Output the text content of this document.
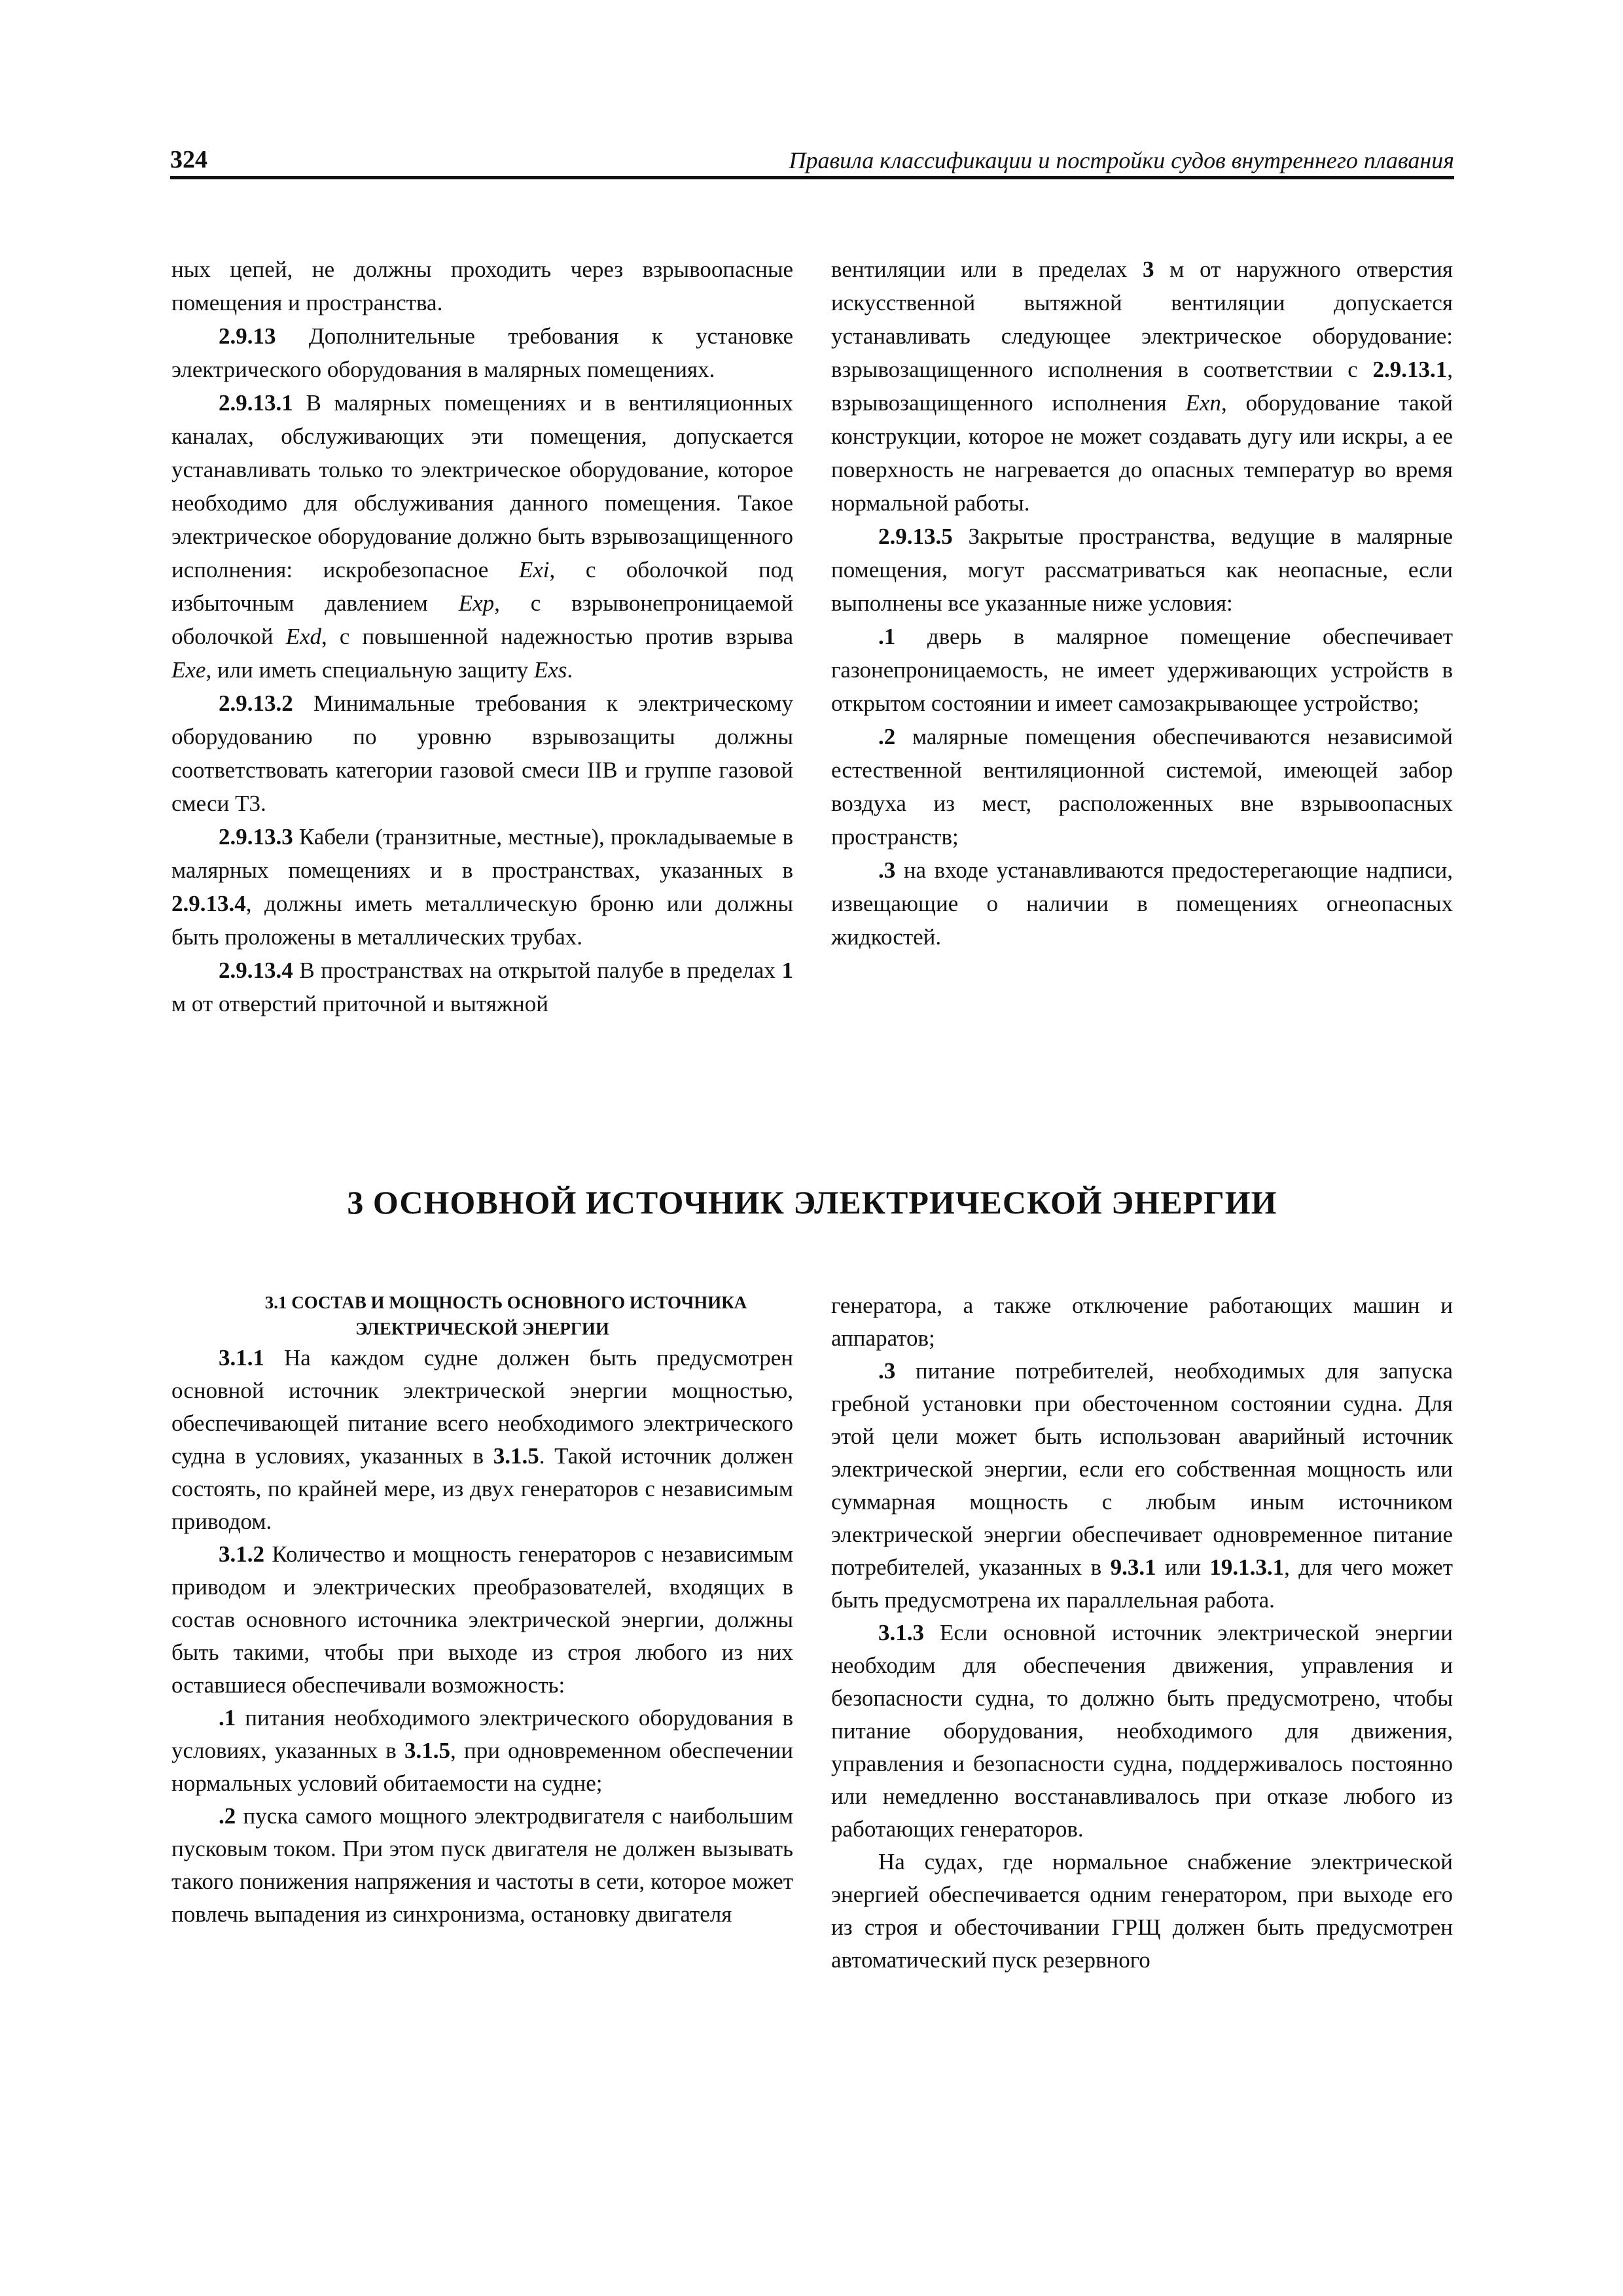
324	Правила классификации и постройки судов внутреннего плавания

ных цепей, не должны проходить через взрывоопасные помещения и пространства.

2.9.13 Дополнительные требования к установке электрического оборудования в малярных помещениях.

2.9.13.1 В малярных помещениях и в вентиляционных каналах, обслуживающих эти помещения, допускается устанавливать только то электрическое оборудование, которое необходимо для обслуживания данного помещения. Такое электрическое оборудование должно быть взрывозащищенного исполнения: искробезопасное Exi, с оболочкой под избыточным давлением Exp, с взрывонепроницаемой оболочкой Exd, с повышенной надежностью против взрыва Exe, или иметь специальную защиту Exs.

2.9.13.2 Минимальные требования к электрическому оборудованию по уровню взрывозащиты должны соответствовать категории газовой смеси IIB и группе газовой смеси T3.

2.9.13.3 Кабели (транзитные, местные), прокладываемые в малярных помещениях и в пространствах, указанных в 2.9.13.4, должны иметь металлическую броню или должны быть проложены в металлических трубах.

2.9.13.4 В пространствах на открытой палубе в пределах 1 м от отверстий приточной и вытяжной

вентиляции или в пределах 3 м от наружного отверстия искусственной вытяжной вентиляции допускается устанавливать следующее электрическое оборудование: взрывозащищенного исполнения в соответствии с 2.9.13.1, взрывозащищенного исполнения Exn, оборудование такой конструкции, которое не может создавать дугу или искры, а ее поверхность не нагревается до опасных температур во время нормальной работы.

2.9.13.5 Закрытые пространства, ведущие в малярные помещения, могут рассматриваться как неопасные, если выполнены все указанные ниже условия:

.1 дверь в малярное помещение обеспечивает газонепроницаемость, не имеет удерживающих устройств в открытом состоянии и имеет самозакрывающее устройство;

.2 малярные помещения обеспечиваются независимой естественной вентиляционной системой, имеющей забор воздуха из мест, расположенных вне взрывоопасных пространств;

.3 на входе устанавливаются предостерегающие надписи, извещающие о наличии в помещениях огнеопасных жидкостей.

3 ОСНОВНОЙ ИСТОЧНИК ЭЛЕКТРИЧЕСКОЙ ЭНЕРГИИ

3.1 СОСТАВ И МОЩНОСТЬ ОСНОВНОГО ИСТОЧНИКА ЭЛЕКТРИЧЕСКОЙ ЭНЕРГИИ

3.1.1 На каждом судне должен быть предусмотрен основной источник электрической энергии мощностью, обеспечивающей питание всего необходимого электрического судна в условиях, указанных в 3.1.5. Такой источник должен состоять, по крайней мере, из двух генераторов с независимым приводом.

3.1.2 Количество и мощность генераторов с независимым приводом и электрических преобразователей, входящих в состав основного источника электрической энергии, должны быть такими, чтобы при выходе из строя любого из них оставшиеся обеспечивали возможность:

.1 питания необходимого электрического оборудования в условиях, указанных в 3.1.5, при одновременном обеспечении нормальных условий обитаемости на судне;

.2 пуска самого мощного электродвигателя с наибольшим пусковым током. При этом пуск двигателя не должен вызывать такого понижения напряжения и частоты в сети, которое может повлечь выпадения из синхронизма, остановку двигателя

генератора, а также отключение работающих машин и аппаратов;

.3 питание потребителей, необходимых для запуска гребной установки при обесточенном состоянии судна. Для этой цели может быть использован аварийный источник электрической энергии, если его собственная мощность или суммарная мощность с любым иным источником электрической энергии обеспечивает одновременное питание потребителей, указанных в 9.3.1 или 19.1.3.1, для чего может быть предусмотрена их параллельная работа.

3.1.3 Если основной источник электрической энергии необходим для обеспечения движения, управления и безопасности судна, то должно быть предусмотрено, чтобы питание оборудования, необходимого для движения, управления и безопасности судна, поддерживалось постоянно или немедленно восстанавливалось при отказе любого из работающих генераторов.

На судах, где нормальное снабжение электрической энергией обеспечивается одним генератором, при выходе его из строя и обесточивании ГРЩ должен быть предусмотрен автоматический пуск резервного
